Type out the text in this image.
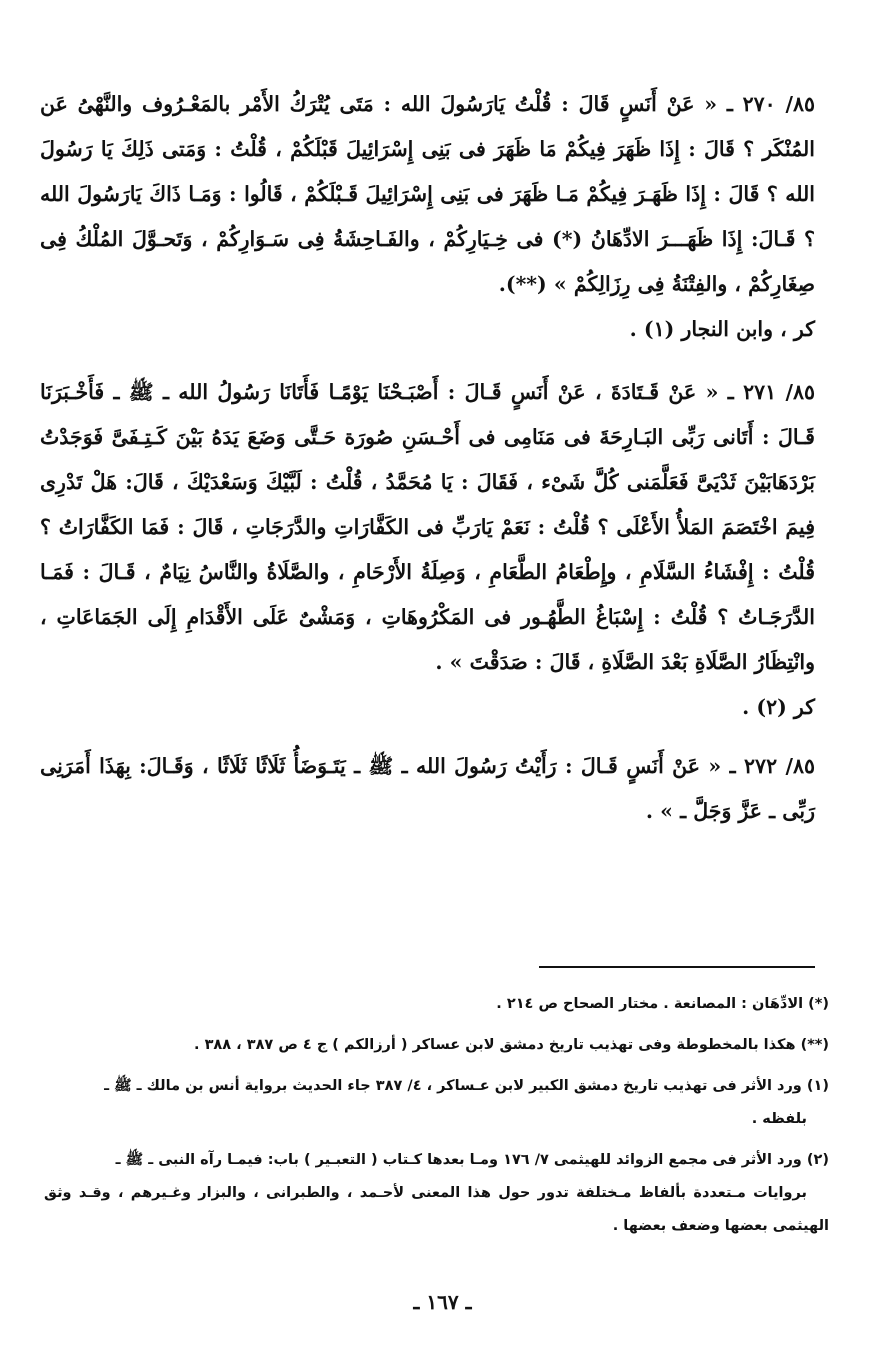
٨٥/ ٢٧٠ ـ « عَنْ أَنَسٍ قَالَ : قُلْتُ يَارَسُولَ الله : مَتَى يُتْرَكُ الأَمْر بالمَعْـرُوف والنَّهْىُ عَن المُنْكَر ؟ قَالَ : إِذَا ظَهَرَ فِيكُمْ مَا ظَهَرَ فى بَنِى إِسْرَائِيلَ قَبْلَكُمْ ، قُلْتُ : وَمَتى ذَلِكَ يَا رَسُولَ الله ؟ قَالَ : إِذَا ظَهَـرَ فِيكُمْ مَـا ظَهَرَ فى بَنِى إِسْرَائِيلَ قَـبْلَكُمْ ، قَالُوا : وَمَـا ذَاكَ يَارَسُولَ الله ؟ قَـالَ: إِذَا ظَهَـــرَ الادِّهَانُ (*) فى خِـيَارِكُمْ ، والفَـاحِشَةُ فِى سَـوَارِكُمْ ، وَتَحـوَّلَ المُلْكُ فِى صِغَارِكُمْ ، والفِتْنَةُ فِى رِزَالِكُمْ » (**).

كر ، وابن النجار (١) .

٨٥/ ٢٧١ ـ « عَنْ قَـتَادَةَ ، عَنْ أَنَسٍ قَـالَ : أَصْبَـحْنَا يَوْمًـا فَأَتَانَا رَسُولُ الله ـ ﷺ ـ فَأَخْـبَرَنَا قَـالَ : أَتَانى رَبِّى البَـارِحَةَ فى مَنَامِى فى أَحْـسَنِ صُورَة حَـتَّى وَضَعَ يَدَهُ بَيْنَ كَـتِـفَىَّ فَوَجَدْتُ بَرْدَهَابَيْنَ ثَدْيَىَّ فَعَلَّمَنى كُلَّ شَىْء ، فَقَالَ : يَا مُحَمَّدُ ، قُلْتُ : لَبَّيْكَ وَسَعْدَيْكَ ، قَالَ: هَلْ تَدْرِى فِيمَ اخْتَصَمَ المَلأُ الأَعْلَى ؟ قُلْتُ : نَعَمْ يَارَبِّ فى الكَفَّارَاتِ والدَّرَجَاتِ ، قَالَ : فَمَا الكَفَّارَاتُ ؟ قُلْتُ : إِفْشَاءُ السَّلَامِ ، وإِطْعَامُ الطَّعَامِ ، وَصِلَةُ الأَرْحَامِ ، والصَّلَاةُ والنَّاسُ نِيَامٌ ، قَـالَ : فَمَـا الدَّرَجَـاتُ ؟ قُلْتُ : إِسْبَاغُ الطَّهُـور فى المَكْرُوهَاتِ ، وَمَشْىٌ عَلَى الأَقْدَامِ إِلَى الجَمَاعَاتِ ، وانْتِظَارُ الصَّلَاةِ بَعْدَ الصَّلَاةِ ، قَالَ : صَدَقْتَ » .

كر (٢) .

٨٥/ ٢٧٢ ـ « عَنْ أَنَسٍ قَـالَ : رَأَيْتُ رَسُولَ الله ـ ﷺ ـ يَتَـوَضَأُ ثَلَاثًا ثَلَاثًا ، وَقَـالَ: بِهَذَا أَمَرَنِى رَبِّى ـ عَزَّ وَجَلَّ ـ » .

(*) الادِّهَان : المصانعة . مختار الصحاح ص ٢١٤ .

(**) هكذا بالمخطوطة وفى تهذيب تاريخ دمشق لابن عساكر ( أرزالكم ) ج ٤ ص ٣٨٧ ، ٣٨٨ .

(١) ورد الأثر فى تهذيب تاريخ دمشق الكبير لابن عـساكر ، ٤/ ٣٨٧ جاء الحديث برواية أنس بن مالك ـ ﷺ ـ
بلفظه .

(٢) ورد الأثر فى مجمع الزوائد للهيثمى ٧/ ١٧٦ ومـا بعدها كـتاب ( التعبـير ) باب: فيمـا رآه النبى ـ ﷺ ـ
بروايات مـتعددة بألفاظ مـختلفة تدور حول هذا المعنى لأحـمد ، والطبرانى ، والبزار وغـيرهم ، وقـد وثق الهيثمى بعضها وضعف بعضها .

ـ ١٦٧ ـ
